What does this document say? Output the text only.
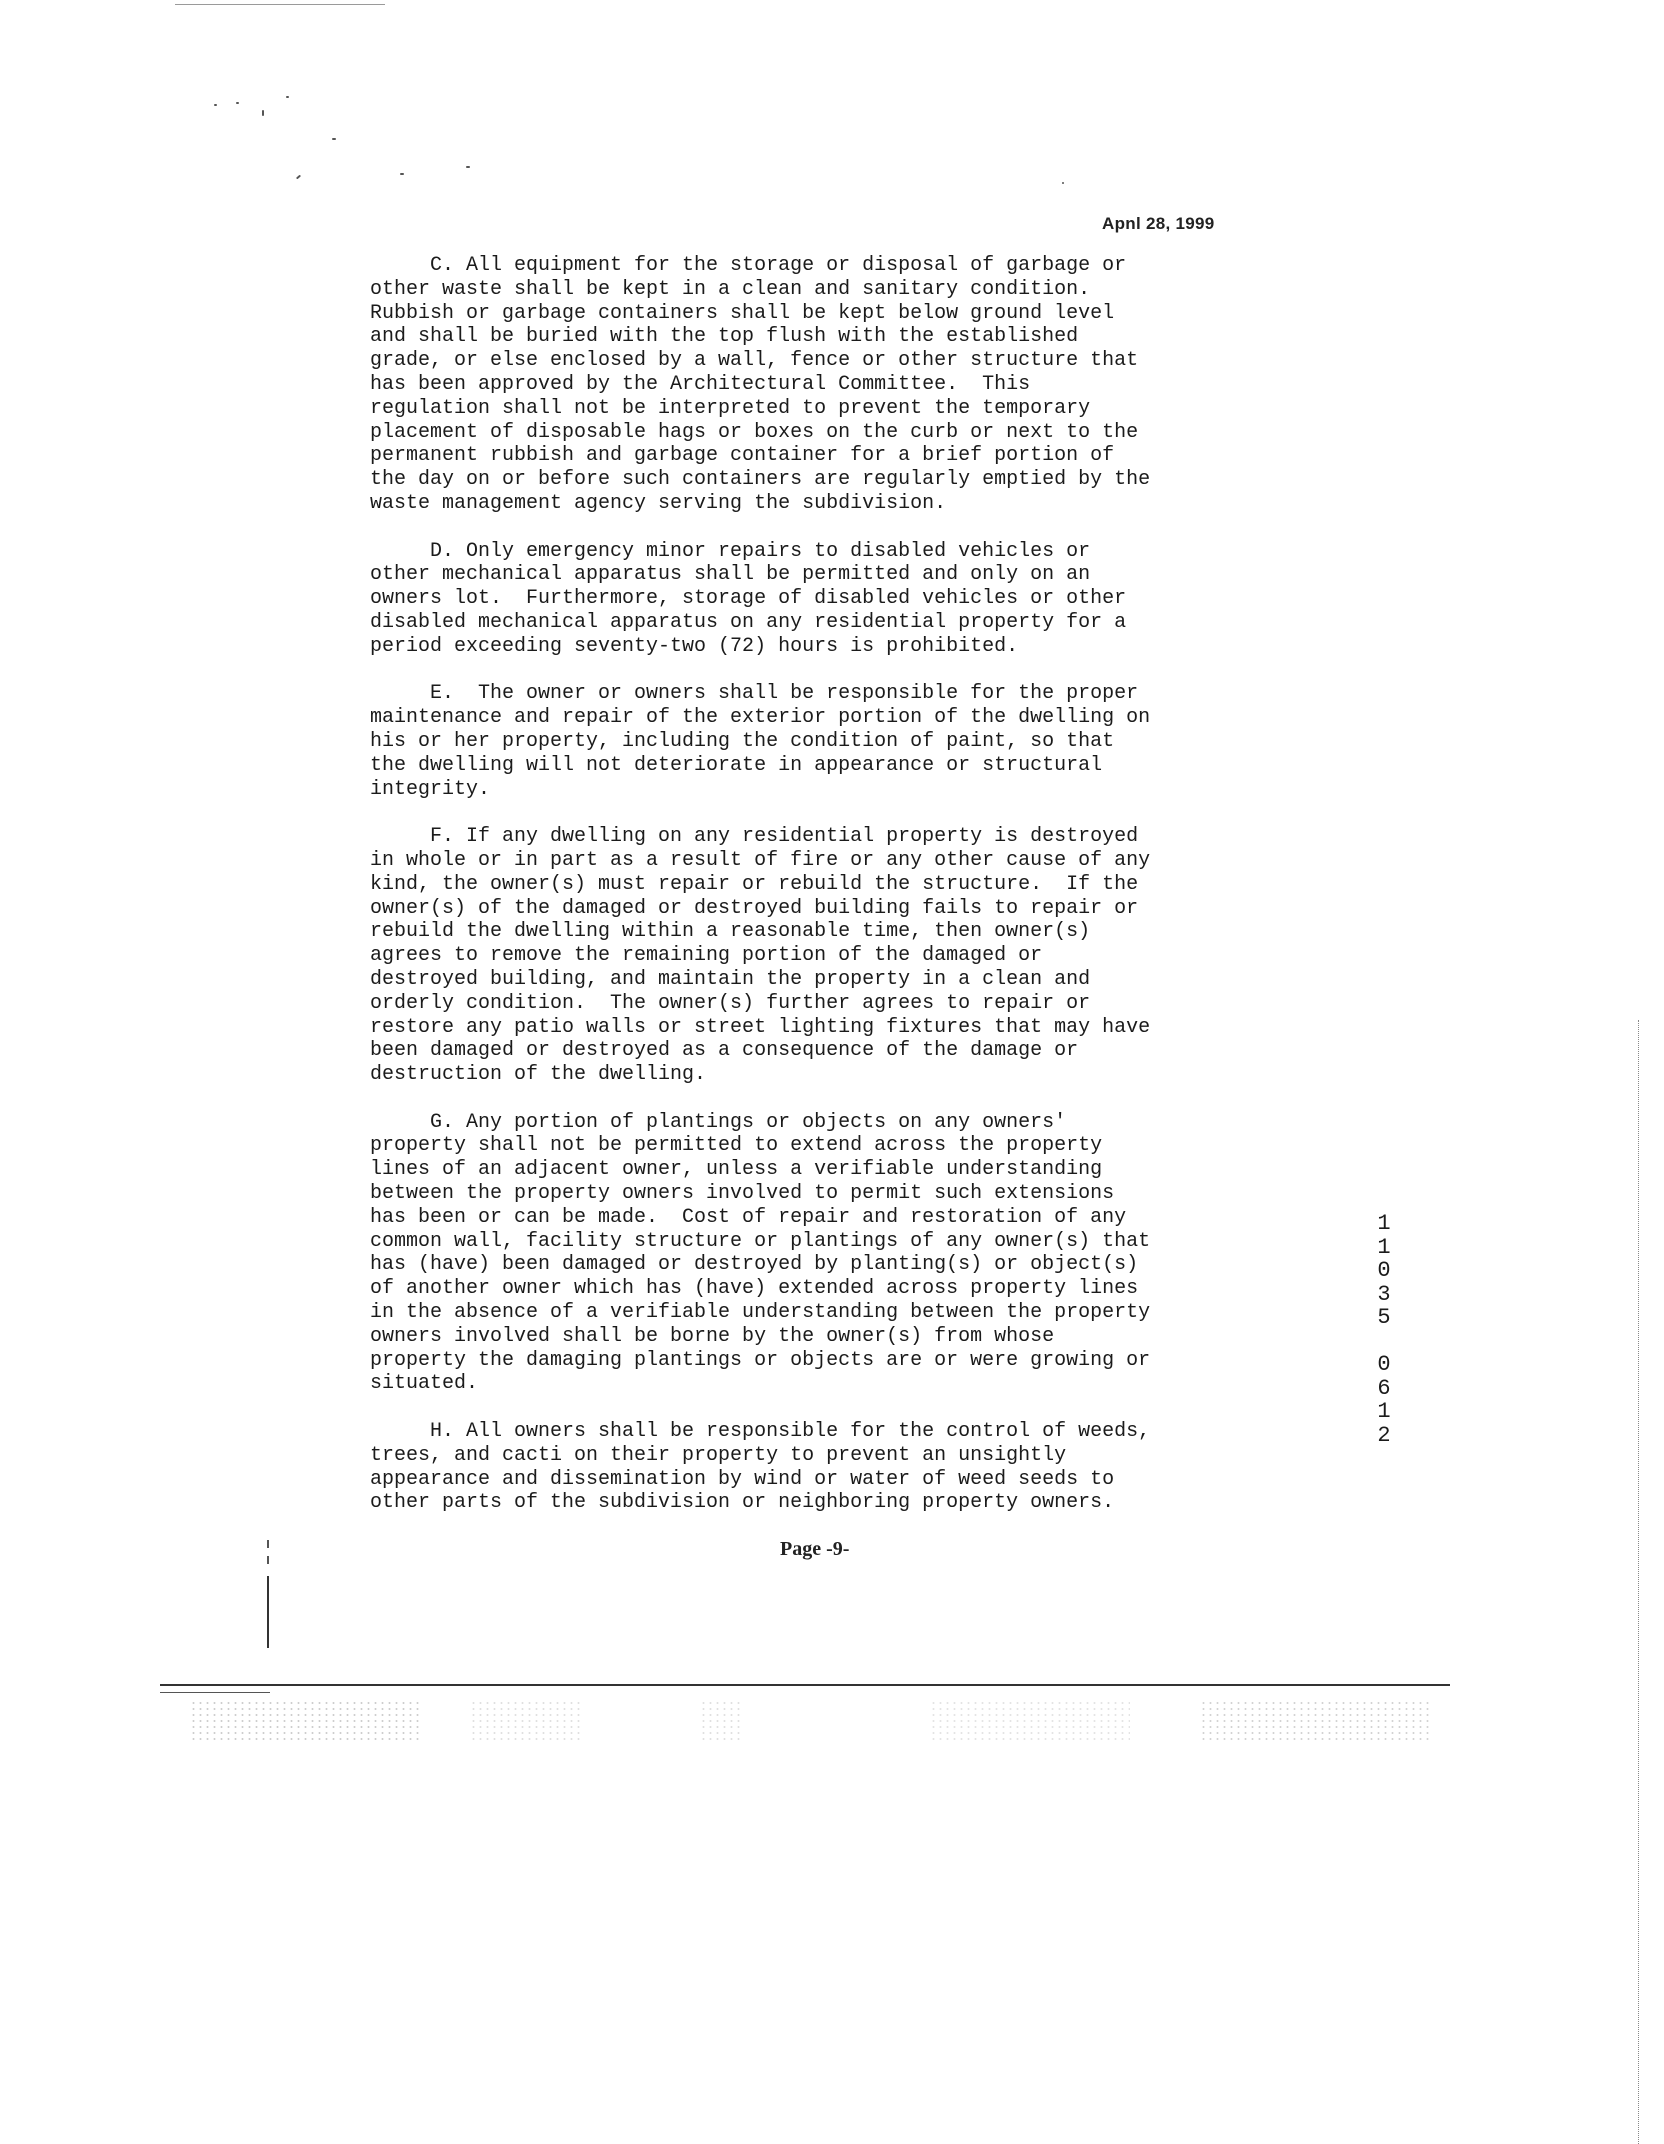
Apnl 28, 1999

C. All equipment for the storage or disposal of garbage or
other waste shall be kept in a clean and sanitary condition.
Rubbish or garbage containers shall be kept below ground level
and shall be buried with the top flush with the established
grade, or else enclosed by a wall, fence or other structure that
has been approved by the Architectural Committee.  This
regulation shall not be interpreted to prevent the temporary
placement of disposable hags or boxes on the curb or next to the
permanent rubbish and garbage container for a brief portion of
the day on or before such containers are regularly emptied by the
waste management agency serving the subdivision.

D. Only emergency minor repairs to disabled vehicles or
other mechanical apparatus shall be permitted and only on an
owners lot.  Furthermore, storage of disabled vehicles or other
disabled mechanical apparatus on any residential property for a
period exceeding seventy-two (72) hours is prohibited.

E.  The owner or owners shall be responsible for the proper
maintenance and repair of the exterior portion of the dwelling on
his or her property, including the condition of paint, so that
the dwelling will not deteriorate in appearance or structural
integrity.

F. If any dwelling on any residential property is destroyed
in whole or in part as a result of fire or any other cause of any
kind, the owner(s) must repair or rebuild the structure.  If the
owner(s) of the damaged or destroyed building fails to repair or
rebuild the dwelling within a reasonable time, then owner(s)
agrees to remove the remaining portion of the damaged or
destroyed building, and maintain the property in a clean and
orderly condition.  The owner(s) further agrees to repair or
restore any patio walls or street lighting fixtures that may have
been damaged or destroyed as a consequence of the damage or
destruction of the dwelling.

G. Any portion of plantings or objects on any owners'
property shall not be permitted to extend across the property
lines of an adjacent owner, unless a verifiable understanding
between the property owners involved to permit such extensions
has been or can be made.  Cost of repair and restoration of any
common wall, facility structure or plantings of any owner(s) that
has (have) been damaged or destroyed by planting(s) or object(s)
of another owner which has (have) extended across property lines
in the absence of a verifiable understanding between the property
owners involved shall be borne by the owner(s) from whose
property the damaging plantings or objects are or were growing or
situated.

H. All owners shall be responsible for the control of weeds,
trees, and cacti on their property to prevent an unsightly
appearance and dissemination by wind or water of weed seeds to
other parts of the subdivision or neighboring property owners.

1
1
0
3
5
0
6
1
2
Page -9-
